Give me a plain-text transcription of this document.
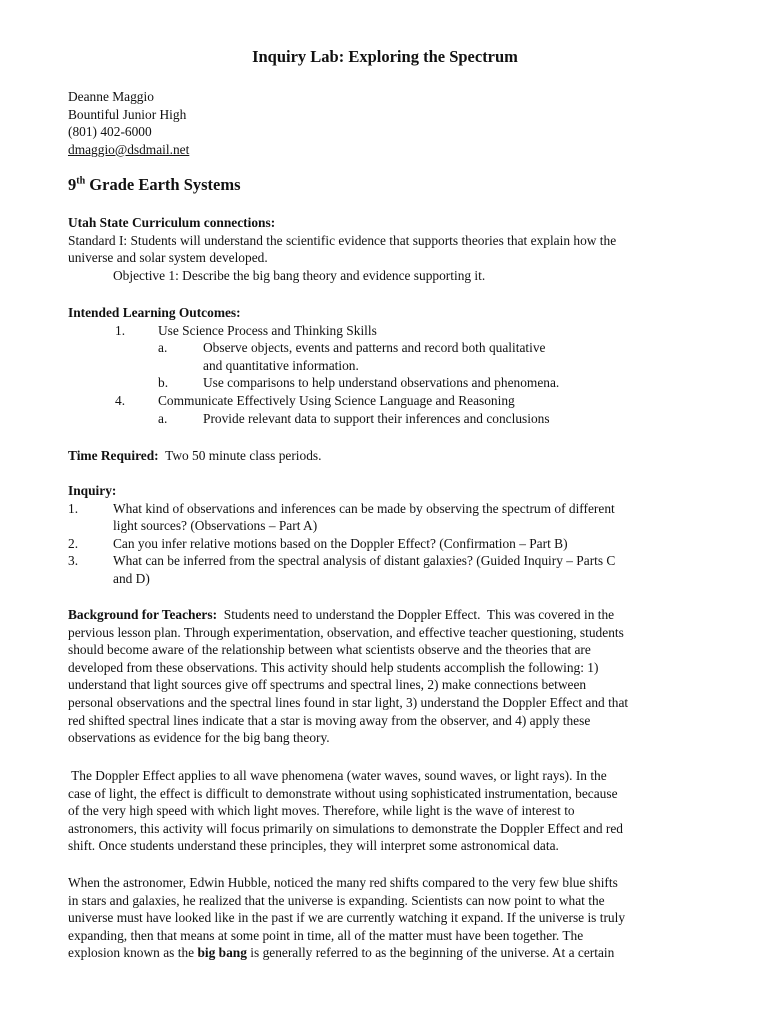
Inquiry Lab: Exploring the Spectrum
Deanne Maggio
Bountiful Junior High
(801) 402-6000
dmaggio@dsdmail.net
9th Grade Earth Systems
Utah State Curriculum connections:
Standard I: Students will understand the scientific evidence that supports theories that explain how the
universe and solar system developed.
Objective 1: Describe the big bang theory and evidence supporting it.
Intended Learning Outcomes:
1. Use Science Process and Thinking Skills
a.	Observe objects, events and patterns and record both qualitative
and quantitative information.
b.	Use comparisons to help understand observations and phenomena.
4. Communicate Effectively Using Science Language and Reasoning
a.	Provide relevant data to support their inferences and conclusions
Time Required:  Two 50 minute class periods.
Inquiry:
1.	What kind of observations and inferences can be made by observing the spectrum of different
light sources? (Observations – Part A)
2.	Can you infer relative motions based on the Doppler Effect? (Confirmation – Part B)
3.	What can be inferred from the spectral analysis of distant galaxies? (Guided Inquiry – Parts C
and D)
Background for Teachers:  Students need to understand the Doppler Effect.  This was covered in the
pervious lesson plan. Through experimentation, observation, and effective teacher questioning, students
should become aware of the relationship between what scientists observe and the theories that are
developed from these observations. This activity should help students accomplish the following: 1)
understand that light sources give off spectrums and spectral lines, 2) make connections between
personal observations and the spectral lines found in star light, 3) understand the Doppler Effect and that
red shifted spectral lines indicate that a star is moving away from the observer, and 4) apply these
observations as evidence for the big bang theory.
The Doppler Effect applies to all wave phenomena (water waves, sound waves, or light rays). In the
case of light, the effect is difficult to demonstrate without using sophisticated instrumentation, because
of the very high speed with which light moves. Therefore, while light is the wave of interest to
astronomers, this activity will focus primarily on simulations to demonstrate the Doppler Effect and red
shift. Once students understand these principles, they will interpret some astronomical data.
When the astronomer, Edwin Hubble, noticed the many red shifts compared to the very few blue shifts
in stars and galaxies, he realized that the universe is expanding. Scientists can now point to what the
universe must have looked like in the past if we are currently watching it expand. If the universe is truly
expanding, then that means at some point in time, all of the matter must have been together. The
explosion known as the big bang is generally referred to as the beginning of the universe. At a certain
